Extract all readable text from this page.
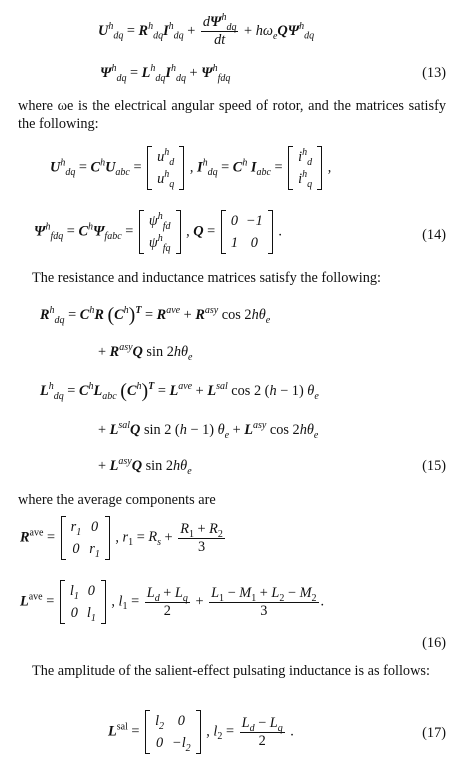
$U^h_{dq} = R^h_{dq}I^h_{dq} + \frac{d\Psi^h_{dq}}{dt} + h\omega_eQ\Psi^h_{dq}$
$\Psi^h_{dq} = L^h_{dq}I^h_{dq} + \Psi^h_{fdq}$	(13)
where ωe is the electrical angular speed of rotor, and the matrices satisfy the following:
$U^h_{dq} = C^hU_{abc}$ =
$u^h_d$
$u^h_q$
, $I^h_{dq} = C^h$ $I_{abc}$ =
$i^h_d$
$i^h_q$
,
$\Psi^h_{fdq} = C^h\Psi_{fabc}$ =
$\psi^h_{fd}$
$\psi^h_{fq}$
, Q =
0	−1
1	0
.	(14)
The resistance and inductance matrices satisfy the following:
$R^h_{dq} = C^hR$ $(C^h)^T = R^{ave} + R^{asy}$ $\cos 2h\theta_e$
+ $R^{asy}Q$ $\sin 2h\theta_e$
$L^h_{dq} = C^hL_{abc}$ $(C^h)^T = L^{ave} + L^{sal}$ cos 2 (h − 1) $\theta_e$
+ $L^{sal}Q$ sin 2 (h − 1) $\theta_e + L^{asy}$ $\cos 2h\theta_e$
+ $L^{asy}Q$ $\sin 2h\theta_e$	(15)
where the average components are
$R^{ave}$ =
$r_1$	0
0	$r_1$
, $r_1 = R_s + \frac{R_1 + R_2}{3}$
$L^{ave}$ =
$l_1$	0
0	$l_1$
, $l_1 = \frac{L_d + L_q}{2} + \frac{L_1 - M_1 + L_2 - M_2}{3}$ .
(16)
The amplitude of the salient-effect pulsating inductance is as follows:
$L^{sal}$ =
$l_2$	0
0	$-l_2$
, $l_2 = \frac{L_d - L_q}{2}$ .	(17)
